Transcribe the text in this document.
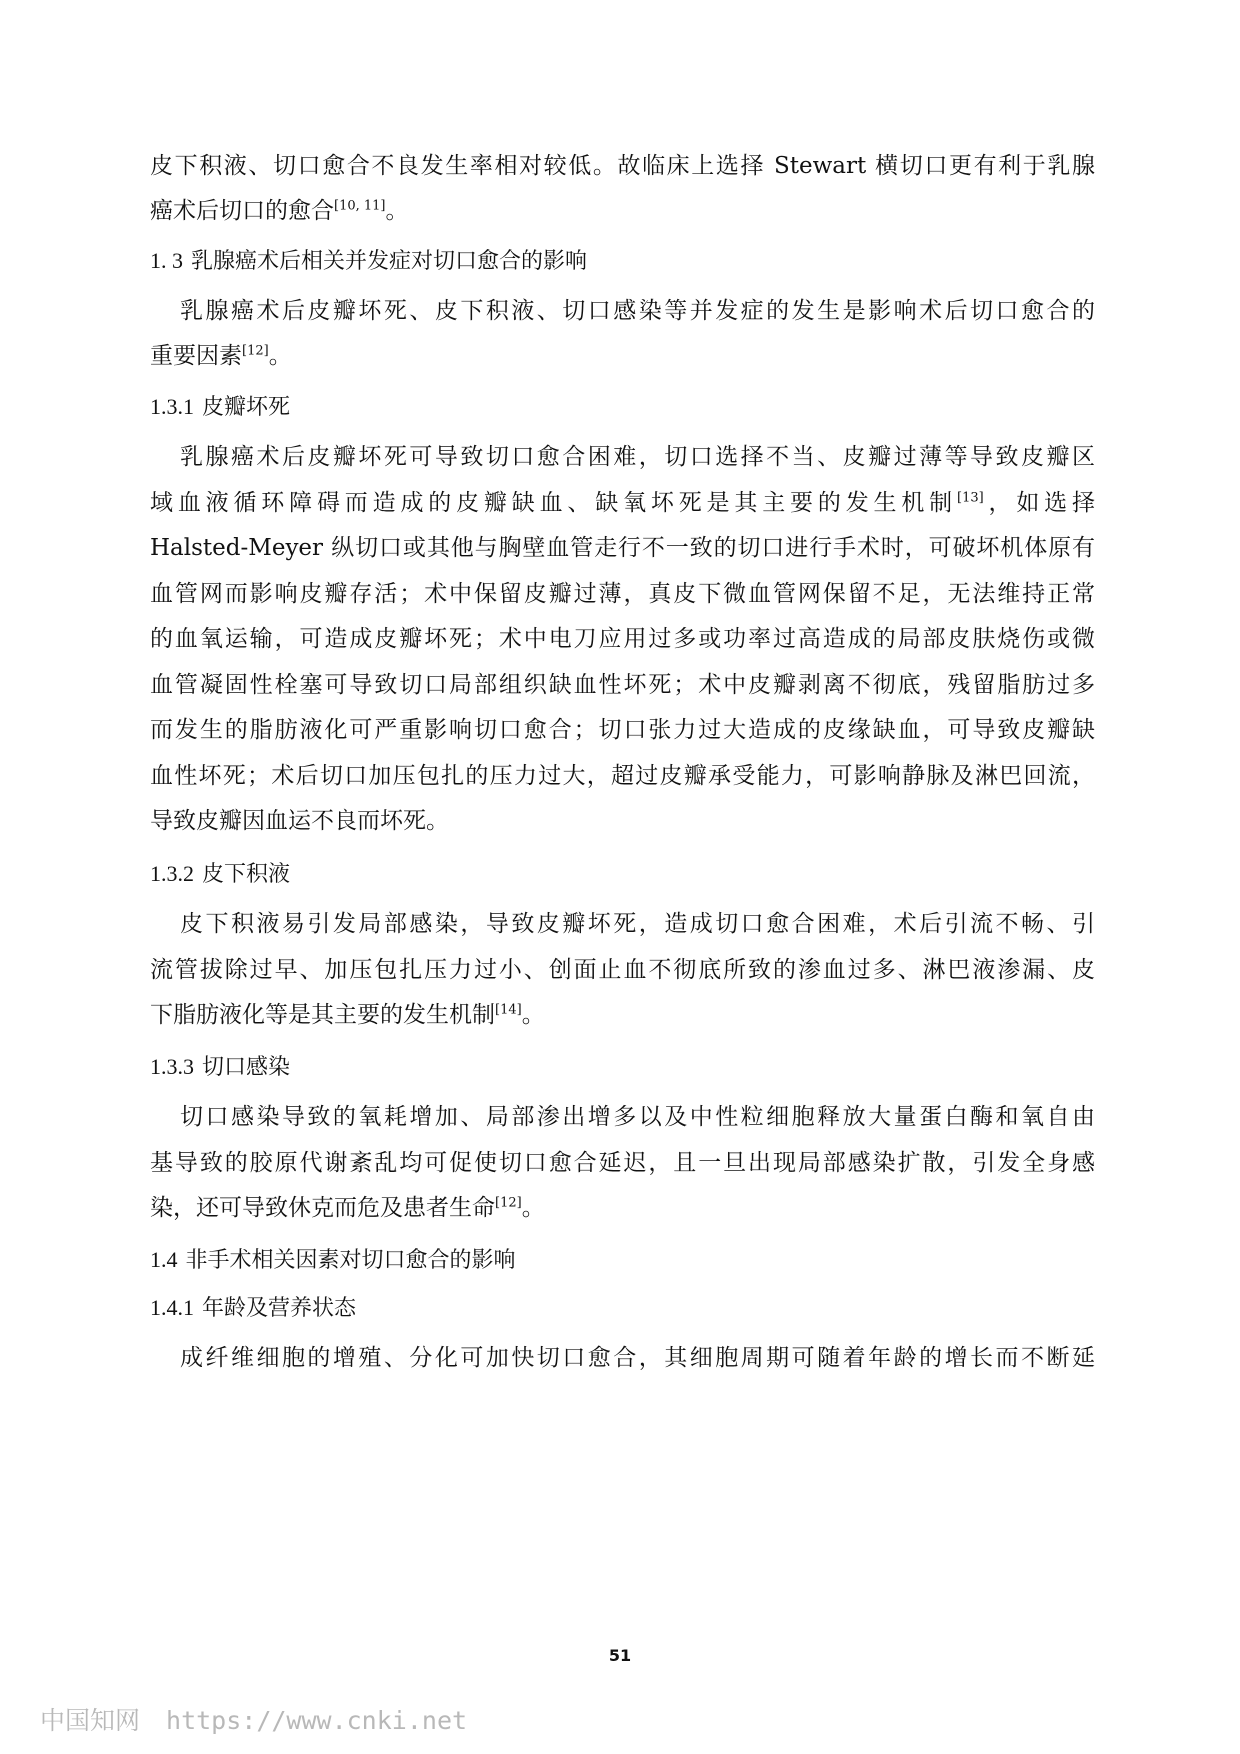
皮下积液、切口愈合不良发生率相对较低。故临床上选择 Stewart 横切口更有利于乳腺
癌术后切口的愈合[10, 11]。
1. 3 乳腺癌术后相关并发症对切口愈合的影响
乳腺癌术后皮瓣坏死、皮下积液、切口感染等并发症的发生是影响术后切口愈合的
重要因素[12]。
1.3.1 皮瓣坏死
乳腺癌术后皮瓣坏死可导致切口愈合困难，切口选择不当、皮瓣过薄等导致皮瓣区
域血液循环障碍而造成的皮瓣缺血、缺氧坏死是其主要的发生机制[13]，如选择
Halsted-Meyer 纵切口或其他与胸壁血管走行不一致的切口进行手术时，可破坏机体原有
血管网而影响皮瓣存活；术中保留皮瓣过薄，真皮下微血管网保留不足，无法维持正常
的血氧运输，可造成皮瓣坏死；术中电刀应用过多或功率过高造成的局部皮肤烧伤或微
血管凝固性栓塞可导致切口局部组织缺血性坏死；术中皮瓣剥离不彻底，残留脂肪过多
而发生的脂肪液化可严重影响切口愈合；切口张力过大造成的皮缘缺血，可导致皮瓣缺
血性坏死；术后切口加压包扎的压力过大，超过皮瓣承受能力，可影响静脉及淋巴回流，
导致皮瓣因血运不良而坏死。
1.3.2 皮下积液
皮下积液易引发局部感染，导致皮瓣坏死，造成切口愈合困难，术后引流不畅、引
流管拔除过早、加压包扎压力过小、创面止血不彻底所致的渗血过多、淋巴液渗漏、皮
下脂肪液化等是其主要的发生机制[14]。
1.3.3 切口感染
切口感染导致的氧耗增加、局部渗出增多以及中性粒细胞释放大量蛋白酶和氧自由
基导致的胶原代谢紊乱均可促使切口愈合延迟，且一旦出现局部感染扩散，引发全身感
染，还可导致休克而危及患者生命[12]。
1.4 非手术相关因素对切口愈合的影响
1.4.1 年龄及营养状态
成纤维细胞的增殖、分化可加快切口愈合，其细胞周期可随着年龄的增长而不断延
51
中国知网 https://www.cnki.net
